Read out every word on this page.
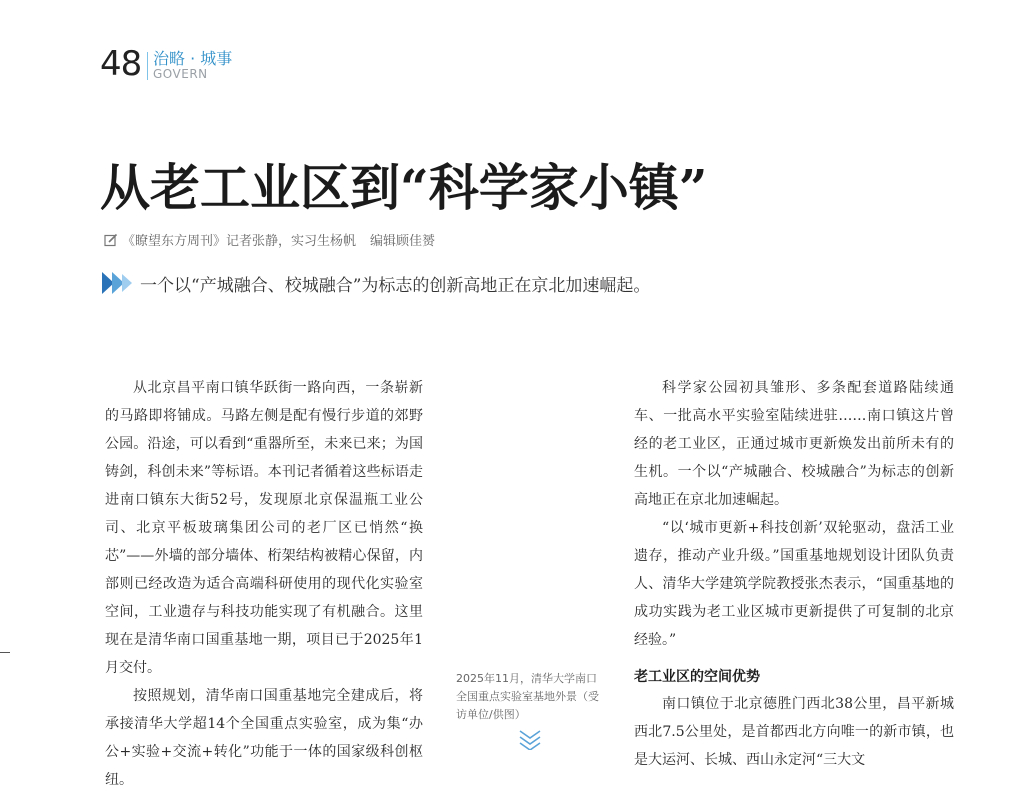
48 治略 · 城事
GOVERN
从老工业区到“科学家小镇”
《瞭望东方周刊》记者张静，实习生杨帆 编辑顾佳赟
一个以“产城融合、校城融合”为标志的创新高地正在京北加速崛起。

从北京昌平南口镇华跃街一路向西，一条崭新的马路即将铺成。马路左侧是配有慢行步道的郊野公园。沿途，可以看到“重器所至，未来已来；为国铸剑，科创未来”等标语。本刊记者循着这些标语走进南口镇东大街52号，发现原北京保温瓶工业公司、北京平板玻璃集团公司的老厂区已悄然“换芯”——外墙的部分墙体、桁架结构被精心保留，内部则已经改造为适合高端科研使用的现代化实验室空间，工业遗存与科技功能实现了有机融合。这里现在是清华南口国重基地一期，项目已于2025年1月交付。

按照规划，清华南口国重基地完全建成后，将承接清华大学超14个全国重点实验室，成为集“办公+实验+交流+转化”功能于一体的国家级科创枢纽。

2025年11月，清华大学南口全国重点实验室基地外景（受访单位/供图）

科学家公园初具雏形、多条配套道路陆续通车、一批高水平实验室陆续进驻……南口镇这片曾经的老工业区，正通过城市更新焕发出前所未有的生机。一个以“产城融合、校城融合”为标志的创新高地正在京北加速崛起。

“以‘城市更新+科技创新’双轮驱动，盘活工业遗存，推动产业升级。”国重基地规划设计团队负责人、清华大学建筑学院教授张杰表示，“国重基地的成功实践为老工业区城市更新提供了可复制的北京经验。”

老工业区的空间优势

南口镇位于北京德胜门西北38公里，昌平新城西北7.5公里处，是首都西北方向唯一的新市镇，也是大运河、长城、西山永定河“三大文
